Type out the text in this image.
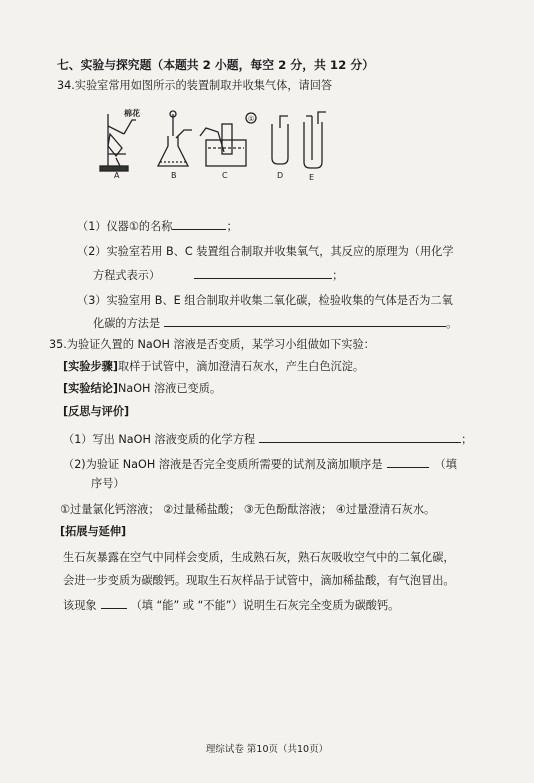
七、实验与探究题（本题共 2 小题，每空 2 分，共 12 分）
34.实验室常用如图所示的装置制取并收集气体，请回答
A
棉花
B
①
C	D	E
（1）仪器①的名称	；
（2）实验室若用 B、C 装置组合制取并收集氧气，其反应的原理为（用化学
方程式表示）	；
（3）实验室用 B、E 组合制取并收集二氧化碳，检验收集的气体是否为二氧
化碳的方法是	。
35.为验证久置的 NaOH 溶液是否变质，某学习小组做如下实验：
[实验步骤]取样于试管中，滴加澄清石灰水，产生白色沉淀。
[实验结论]NaOH 溶液已变质。
[反思与评价]
（1）写出 NaOH 溶液变质的化学方程	；
（2)为验证 NaOH 溶液是否完全变质所需要的试剂及滴加顺序是	（填
序号）
①过量氯化钙溶液； ②过量稀盐酸； ③无色酚酞溶液； ④过量澄清石灰水。
[拓展与延伸]
生石灰暴露在空气中同样会变质，生成熟石灰，熟石灰吸收空气中的二氧化碳，
会进一步变质为碳酸钙。现取生石灰样品于试管中，滴加稀盐酸，有气泡冒出。
该现象	（填 “能” 或 “不能”）说明生石灰完全变质为碳酸钙。
理综试卷 第10页（共10页）
